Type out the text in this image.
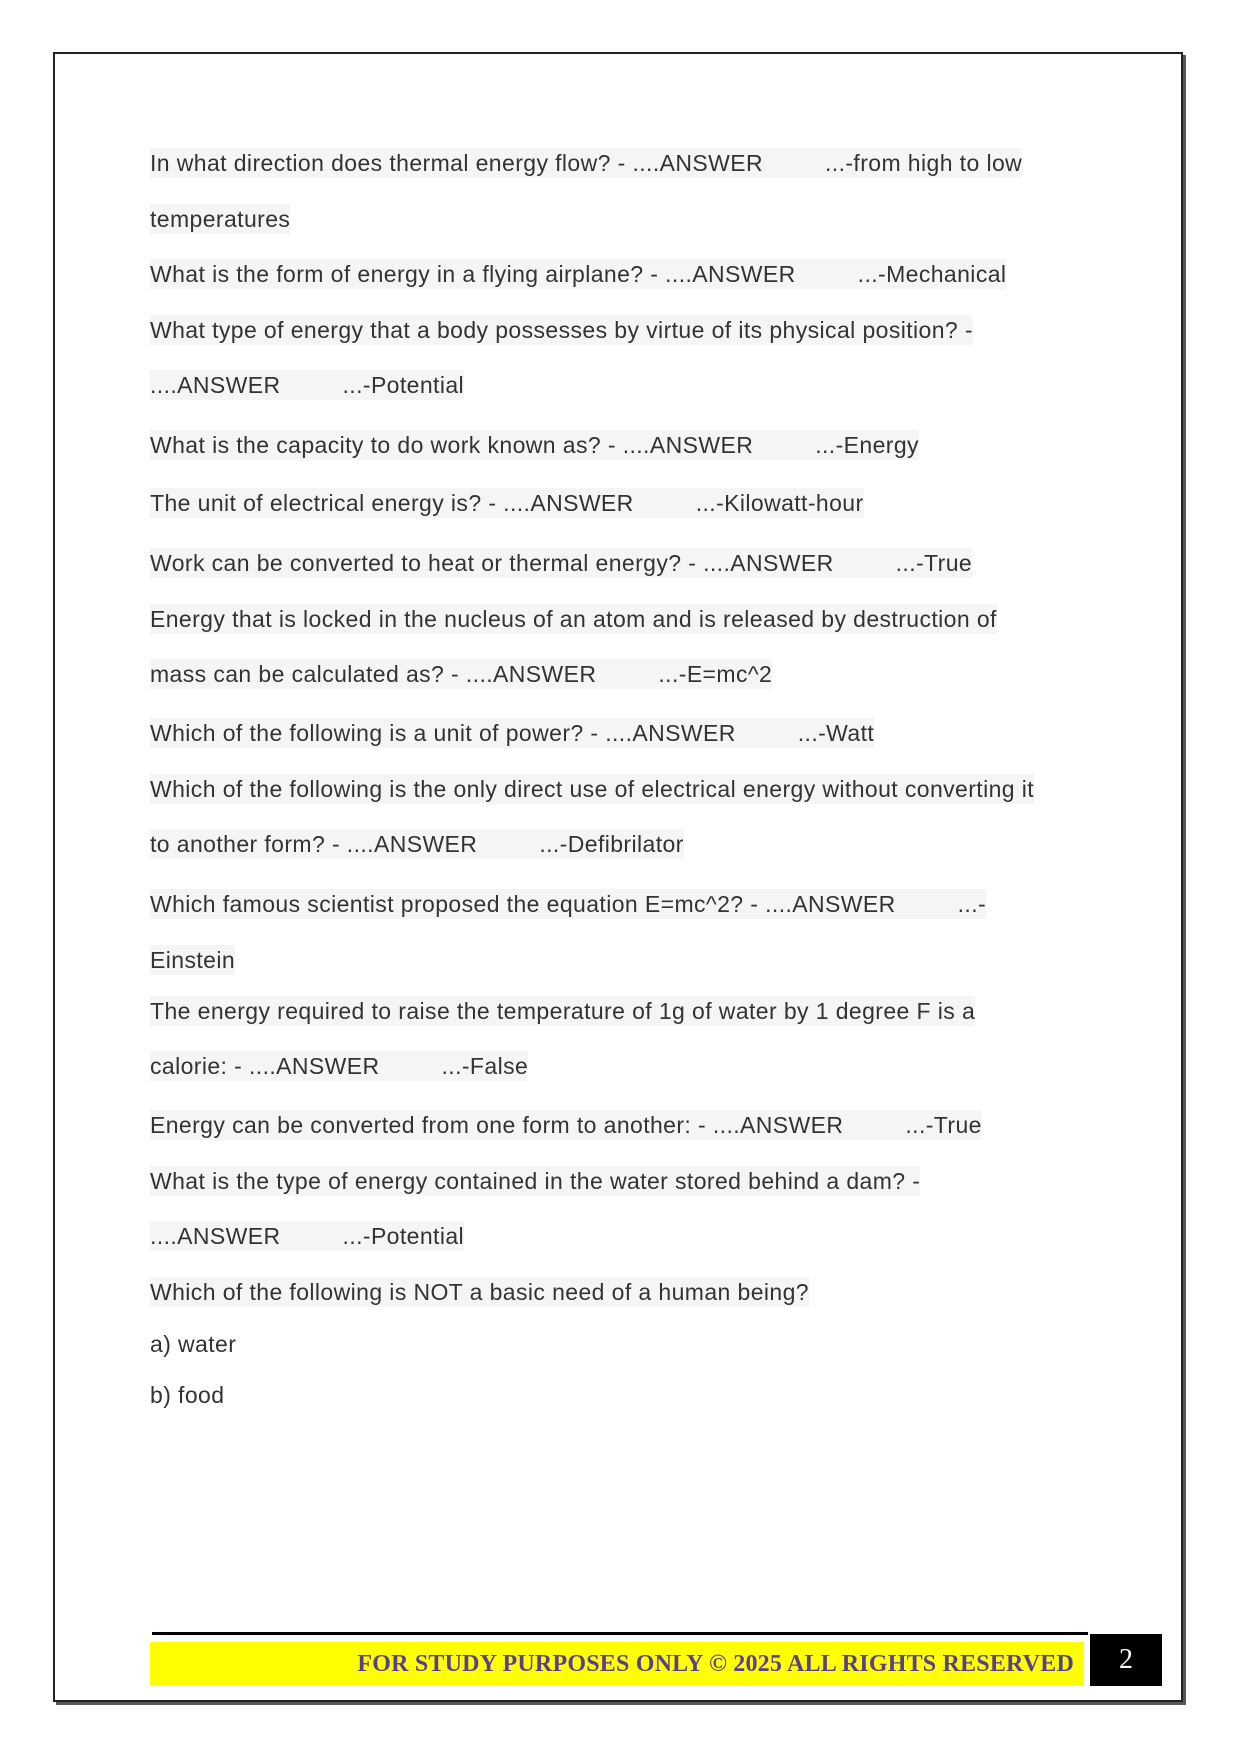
In what direction does thermal energy flow? - ....ANSWER	...-from high to low
temperatures
What is the form of energy in a flying airplane? - ....ANSWER	...-Mechanical
What type of energy that a body possesses by virtue of its physical position? -
....ANSWER	...-Potential
What is the capacity to do work known as? - ....ANSWER	...-Energy
The unit of electrical energy is? - ....ANSWER	...-Kilowatt-hour
Work can be converted to heat or thermal energy? - ....ANSWER	...-True
Energy that is locked in the nucleus of an atom and is released by destruction of
mass can be calculated as? - ....ANSWER	...-E=mc^2
Which of the following is a unit of power? - ....ANSWER	...-Watt
Which of the following is the only direct use of electrical energy without converting it
to another form? - ....ANSWER	...-Defibrilator
Which famous scientist proposed the equation E=mc^2? - ....ANSWER	...-
Einstein
The energy required to raise the temperature of 1g of water by 1 degree F is a
calorie: - ....ANSWER	...-False
Energy can be converted from one form to another: - ....ANSWER	...-True
What is the type of energy contained in the water stored behind a dam? -
....ANSWER	...-Potential
Which of the following is NOT a basic need of a human being?
a) water
b) food
FOR STUDY PURPOSES ONLY © 2025 ALL RIGHTS RESERVED	2
